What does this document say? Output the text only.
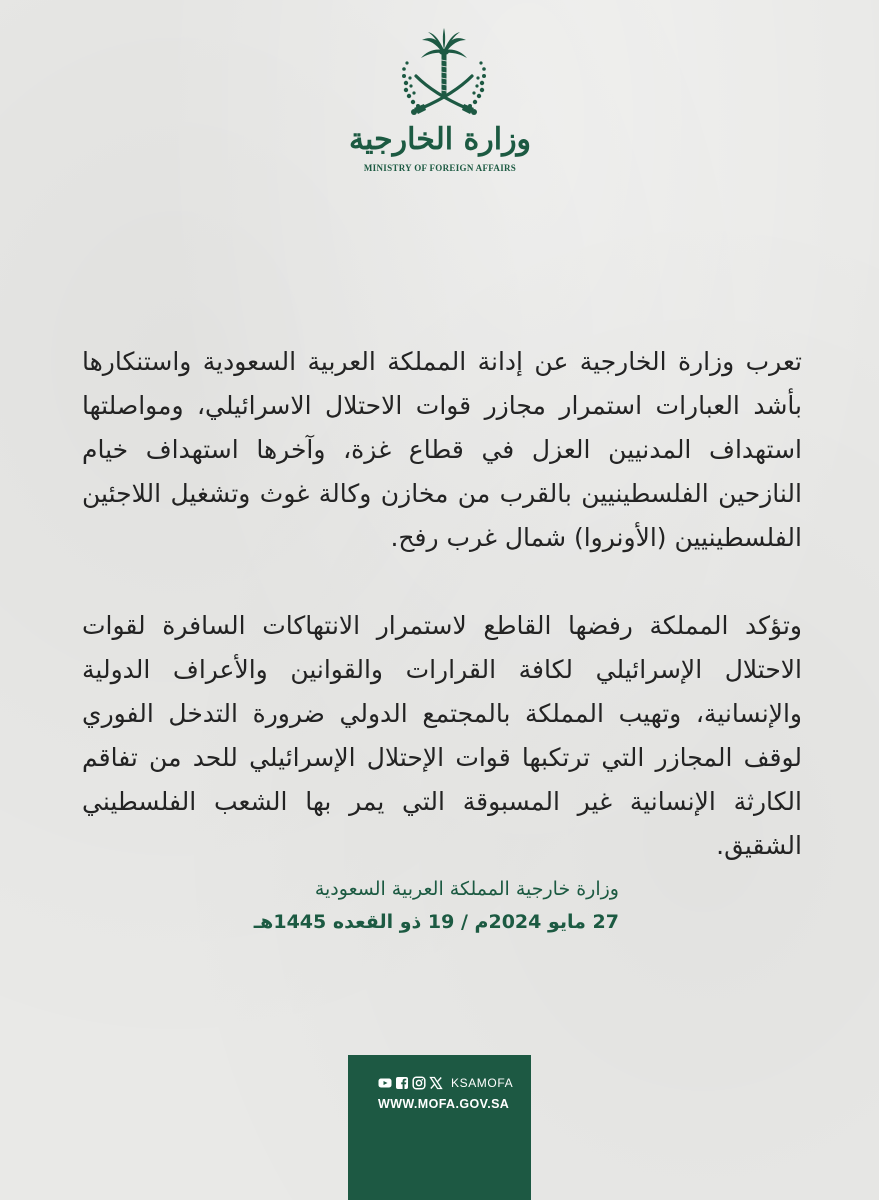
وزارة الخارجية
MINISTRY OF FOREIGN AFFAIRS

تعرب وزارة الخارجية عن إدانة المملكة العربية السعودية واستنكارها بأشد العبارات استمرار مجازر قوات الاحتلال الاسرائيلي، ومواصلتها استهداف المدنيين العزل في قطاع غزة، وآخرها استهداف خيام النازحين الفلسطينيين بالقرب من مخازن وكالة غوث وتشغيل اللاجئين الفلسطينيين (الأونروا) شمال غرب رفح.

وتؤكد المملكة رفضها القاطع لاستمرار الانتهاكات السافرة لقوات الاحتلال الإسرائيلي لكافة القرارات والقوانين والأعراف الدولية والإنسانية، وتهيب المملكة بالمجتمع الدولي ضرورة التدخل الفوري لوقف المجازر التي ترتكبها قوات الإحتلال الإسرائيلي للحد من تفاقم الكارثة الإنسانية غير المسبوقة التي يمر بها الشعب الفلسطيني الشقيق.

وزارة خارجية المملكة العربية السعودية
27 مايو 2024م / 19 ذو القعده 1445هـ
KSAMOFA
WWW.MOFA.GOV.SA
